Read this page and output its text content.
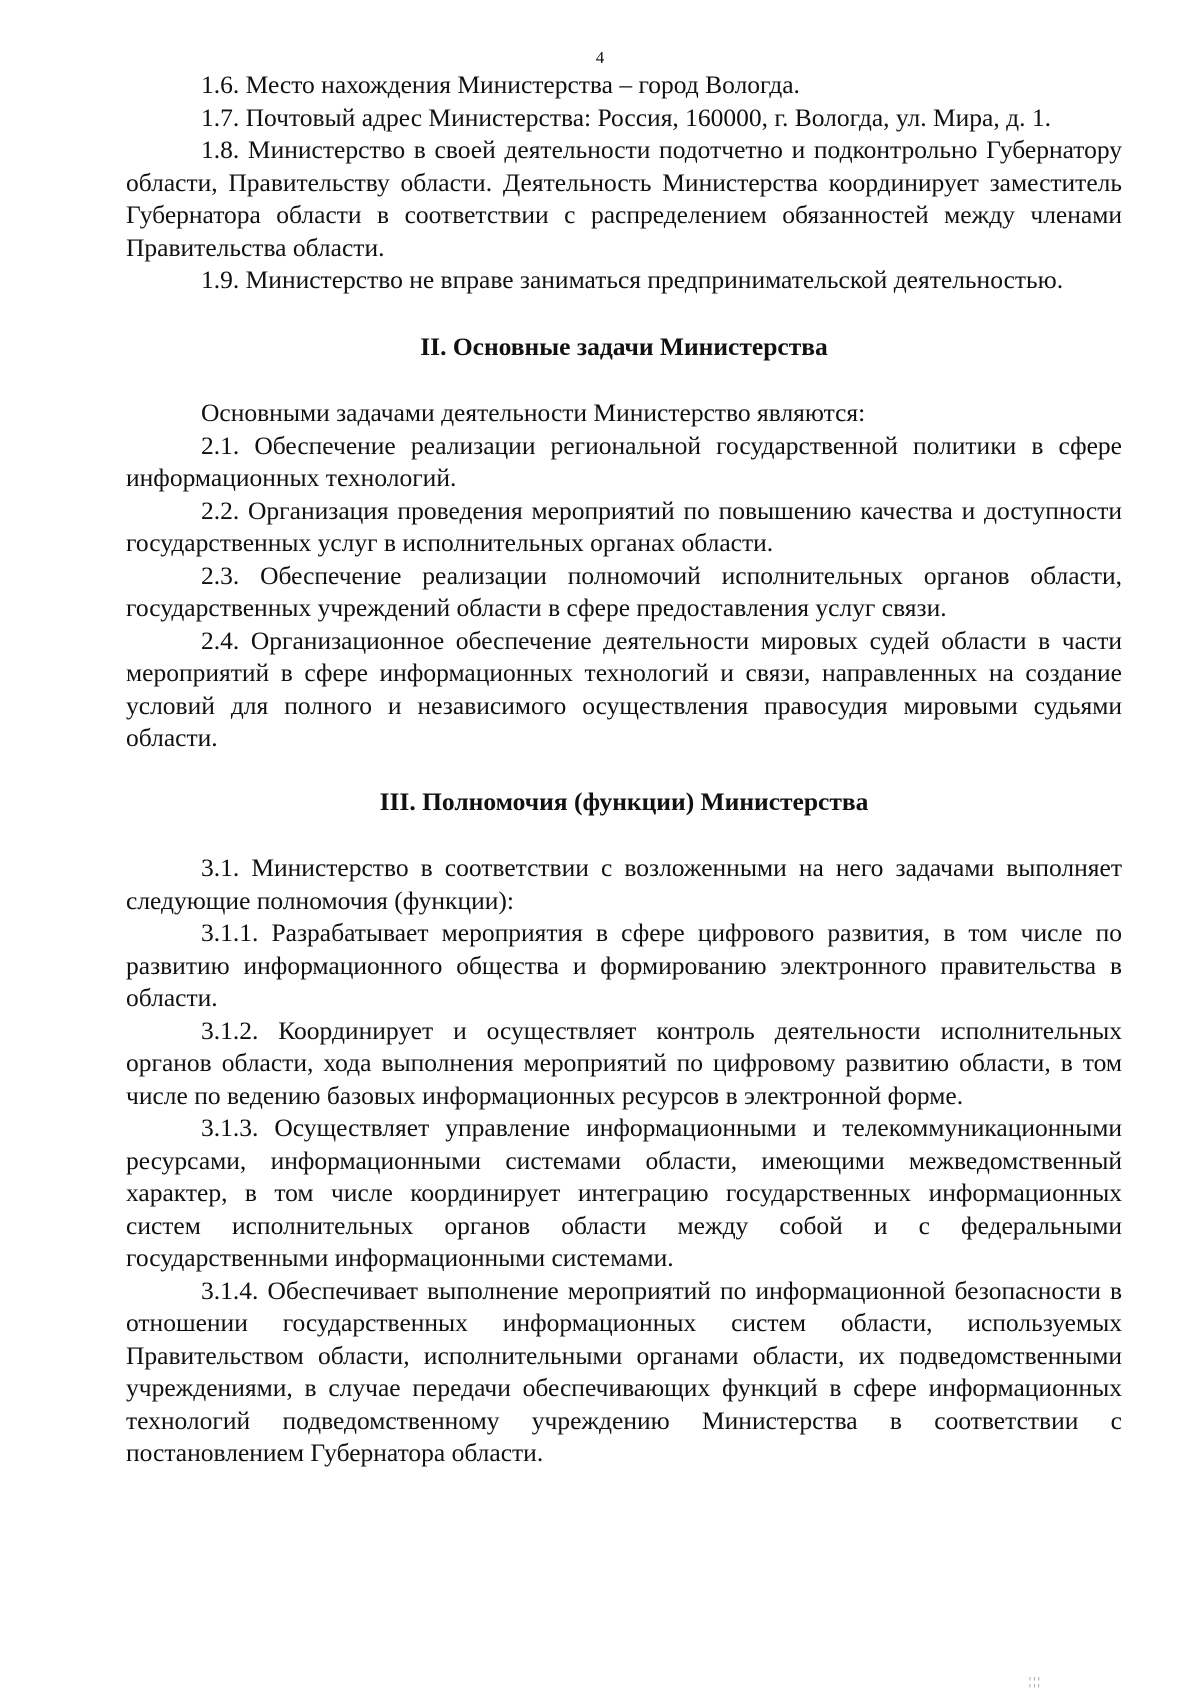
4

1.6. Место нахождения Министерства – город Вологда.

1.7. Почтовый адрес Министерства: Россия, 160000, г. Вологда, ул. Мира, д. 1.

1.8. Министерство в своей деятельности подотчетно и подконтрольно Губернатору области, Правительству области. Деятельность Министерства координирует заместитель Губернатора области в соответствии с распределением обязанностей между членами Правительства области.

1.9. Министерство не вправе заниматься предпринимательской деятельностью.

II. Основные задачи Министерства

Основными задачами деятельности Министерство являются:

2.1. Обеспечение реализации региональной государственной политики в сфере информационных технологий.

2.2. Организация проведения мероприятий по повышению качества и доступности государственных услуг в исполнительных органах области.

2.3. Обеспечение реализации полномочий исполнительных органов области, государственных учреждений области в сфере предоставления услуг связи.

2.4. Организационное обеспечение деятельности мировых судей области в части мероприятий в сфере информационных технологий и связи, направленных на создание условий для полного и независимого осуществления правосудия мировыми судьями области.

III. Полномочия (функции) Министерства

3.1. Министерство в соответствии с возложенными на него задачами выполняет следующие полномочия (функции):

3.1.1. Разрабатывает мероприятия в сфере цифрового развития, в том числе по развитию информационного общества и формированию электронного правительства в области.

3.1.2. Координирует и осуществляет контроль деятельности исполнительных органов области, хода выполнения мероприятий по цифровому развитию области, в том числе по ведению базовых информационных ресурсов в электронной форме.

3.1.3. Осуществляет управление информационными и телекоммуникационными ресурсами, информационными системами области, имеющими межведомственный характер, в том числе координирует интеграцию государственных информационных систем исполнительных органов области между собой и с федеральными государственными информационными системами.

3.1.4. Обеспечивает выполнение мероприятий по информационной безопасности в отношении государственных информационных систем области, используемых Правительством области, исполнительными органами области, их подведомственными учреждениями, в случае передачи обеспечивающих функций в сфере информационных технологий подведомственному учреждению Министерства в соответствии с постановлением Губернатора области.

¦¦¦
